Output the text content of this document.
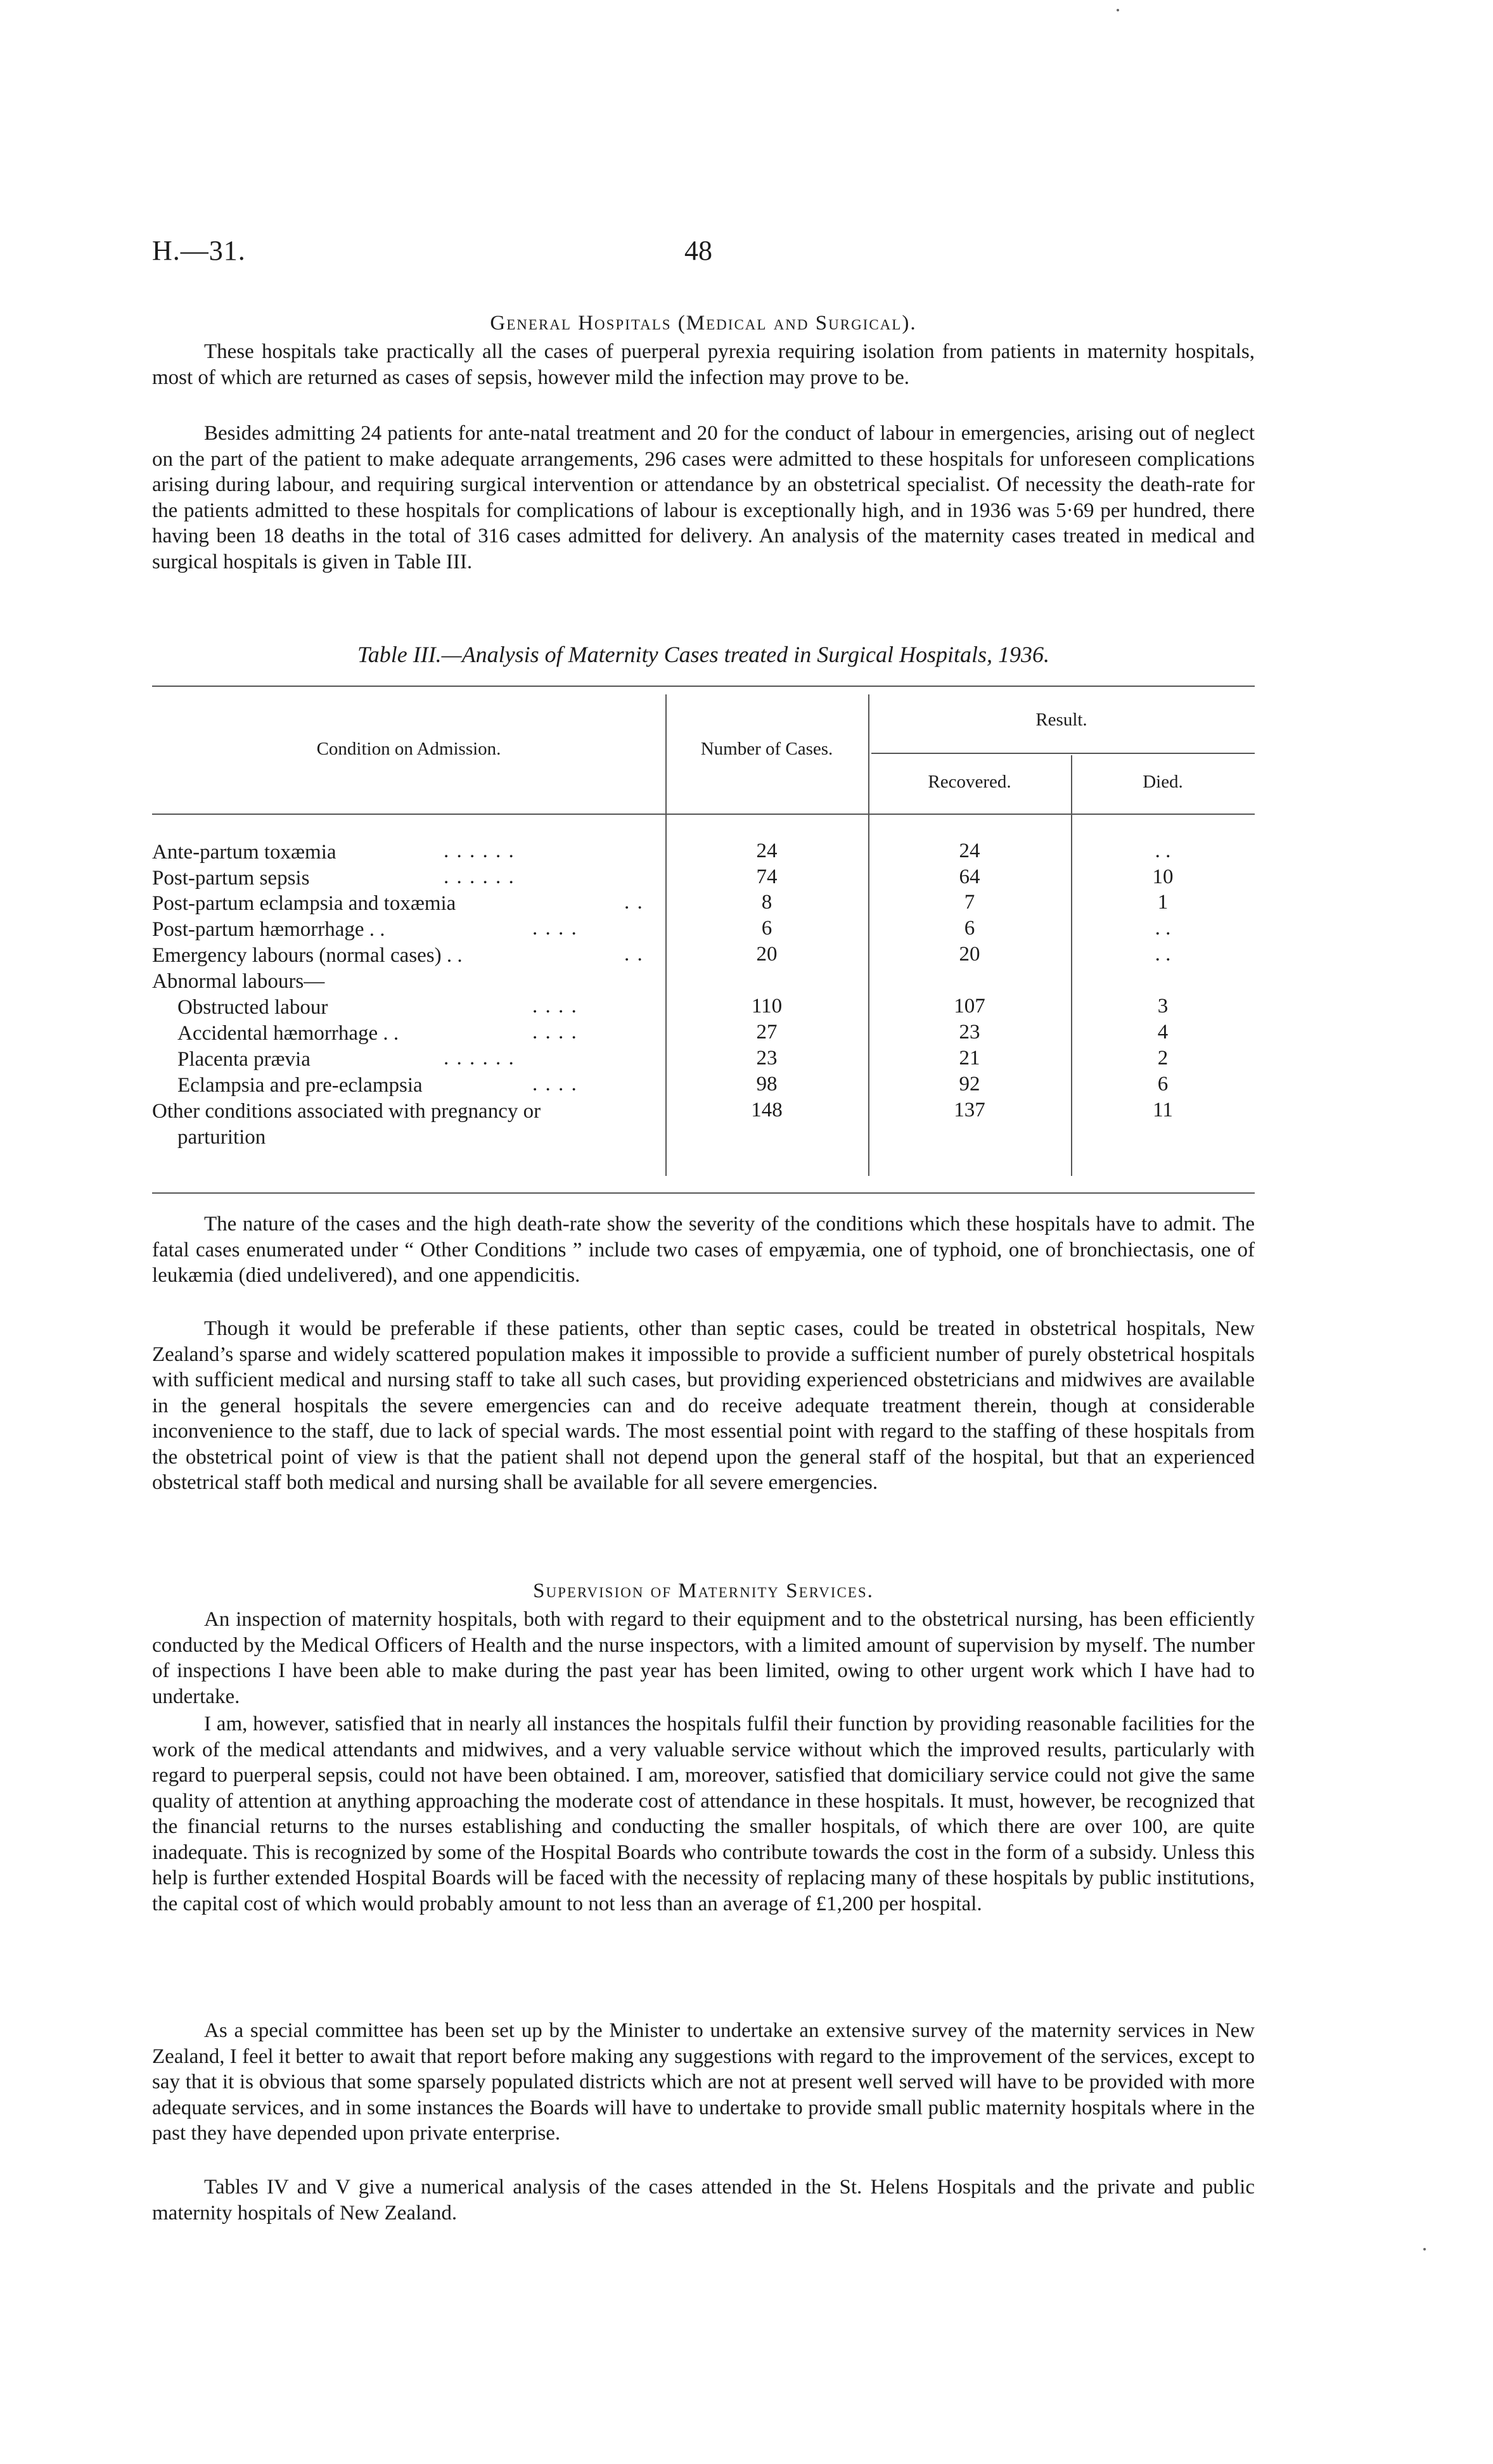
H.—31.	48
General Hospitals (Medical and Surgical).

These hospitals take practically all the cases of puerperal pyrexia requiring isolation from patients in maternity hospitals, most of which are returned as cases of sepsis, however mild the infection may prove to be.

Besides admitting 24 patients for ante-natal treatment and 20 for the conduct of labour in emergencies, arising out of neglect on the part of the patient to make adequate arrangements, 296 cases were admitted to these hospitals for unforeseen complications arising during labour, and requiring surgical intervention or attendance by an obstetrical specialist. Of necessity the death-rate for the patients admitted to these hospitals for complications of labour is exceptionally high, and in 1936 was 5·69 per hundred, there having been 18 deaths in the total of 316 cases admitted for delivery. An analysis of the maternity cases treated in medical and surgical hospitals is given in Table III.

Table III.—Analysis of Maternity Cases treated in Surgical Hospitals, 1936.
Condition on Admission.	Number of Cases.
Result.
Recovered.	Died.
Ante-partum toxæmia	. . . . . .	24	24	. .
Post-partum sepsis	. . . . . .	74	64	10
Post-partum eclampsia and toxæmia	. .	8	7	1
Post-partum hæmorrhage . .	. . . .	6	6	. .
Emergency labours (normal cases) . .	. .	20	20	. .
Abnormal labours—
Obstructed labour	. . . .	110	107	3
Accidental hæmorrhage . .	. . . .	27	23	4
Placenta prævia	. . . . . .	23	21	2
Eclampsia and pre-eclampsia	. . . .	98	92	6
Other conditions associated with pregnancy or	148	137	11
parturition

The nature of the cases and the high death-rate show the severity of the conditions which these hospitals have to admit. The fatal cases enumerated under “ Other Conditions ” include two cases of empyæmia, one of typhoid, one of bronchiectasis, one of leukæmia (died undelivered), and one appendicitis.

Though it would be preferable if these patients, other than septic cases, could be treated in obstetrical hospitals, New Zealand’s sparse and widely scattered population makes it impossible to provide a sufficient number of purely obstetrical hospitals with sufficient medical and nursing staff to take all such cases, but providing experienced obstetricians and midwives are available in the general hospitals the severe emergencies can and do receive adequate treatment therein, though at considerable inconvenience to the staff, due to lack of special wards. The most essential point with regard to the staffing of these hospitals from the obstetrical point of view is that the patient shall not depend upon the general staff of the hospital, but that an experienced obstetrical staff both medical and nursing shall be available for all severe emergencies.

Supervision of Maternity Services.

An inspection of maternity hospitals, both with regard to their equipment and to the obstetrical nursing, has been efficiently conducted by the Medical Officers of Health and the nurse inspectors, with a limited amount of supervision by myself. The number of inspections I have been able to make during the past year has been limited, owing to other urgent work which I have had to undertake.

I am, however, satisfied that in nearly all instances the hospitals fulfil their function by providing reasonable facilities for the work of the medical attendants and midwives, and a very valuable service without which the improved results, particularly with regard to puerperal sepsis, could not have been obtained. I am, moreover, satisfied that domiciliary service could not give the same quality of attention at anything approaching the moderate cost of attendance in these hospitals. It must, however, be recognized that the financial returns to the nurses establishing and conducting the smaller hospitals, of which there are over 100, are quite inadequate. This is recognized by some of the Hospital Boards who contribute towards the cost in the form of a subsidy. Unless this help is further extended Hospital Boards will be faced with the necessity of replacing many of these hospitals by public institutions, the capital cost of which would probably amount to not less than an average of £1,200 per hospital.

As a special committee has been set up by the Minister to undertake an extensive survey of the maternity services in New Zealand, I feel it better to await that report before making any suggestions with regard to the improvement of the services, except to say that it is obvious that some sparsely populated districts which are not at present well served will have to be provided with more adequate services, and in some instances the Boards will have to undertake to provide small public maternity hospitals where in the past they have depended upon private enterprise.

Tables IV and V give a numerical analysis of the cases attended in the St. Helens Hospitals and the private and public maternity hospitals of New Zealand.
